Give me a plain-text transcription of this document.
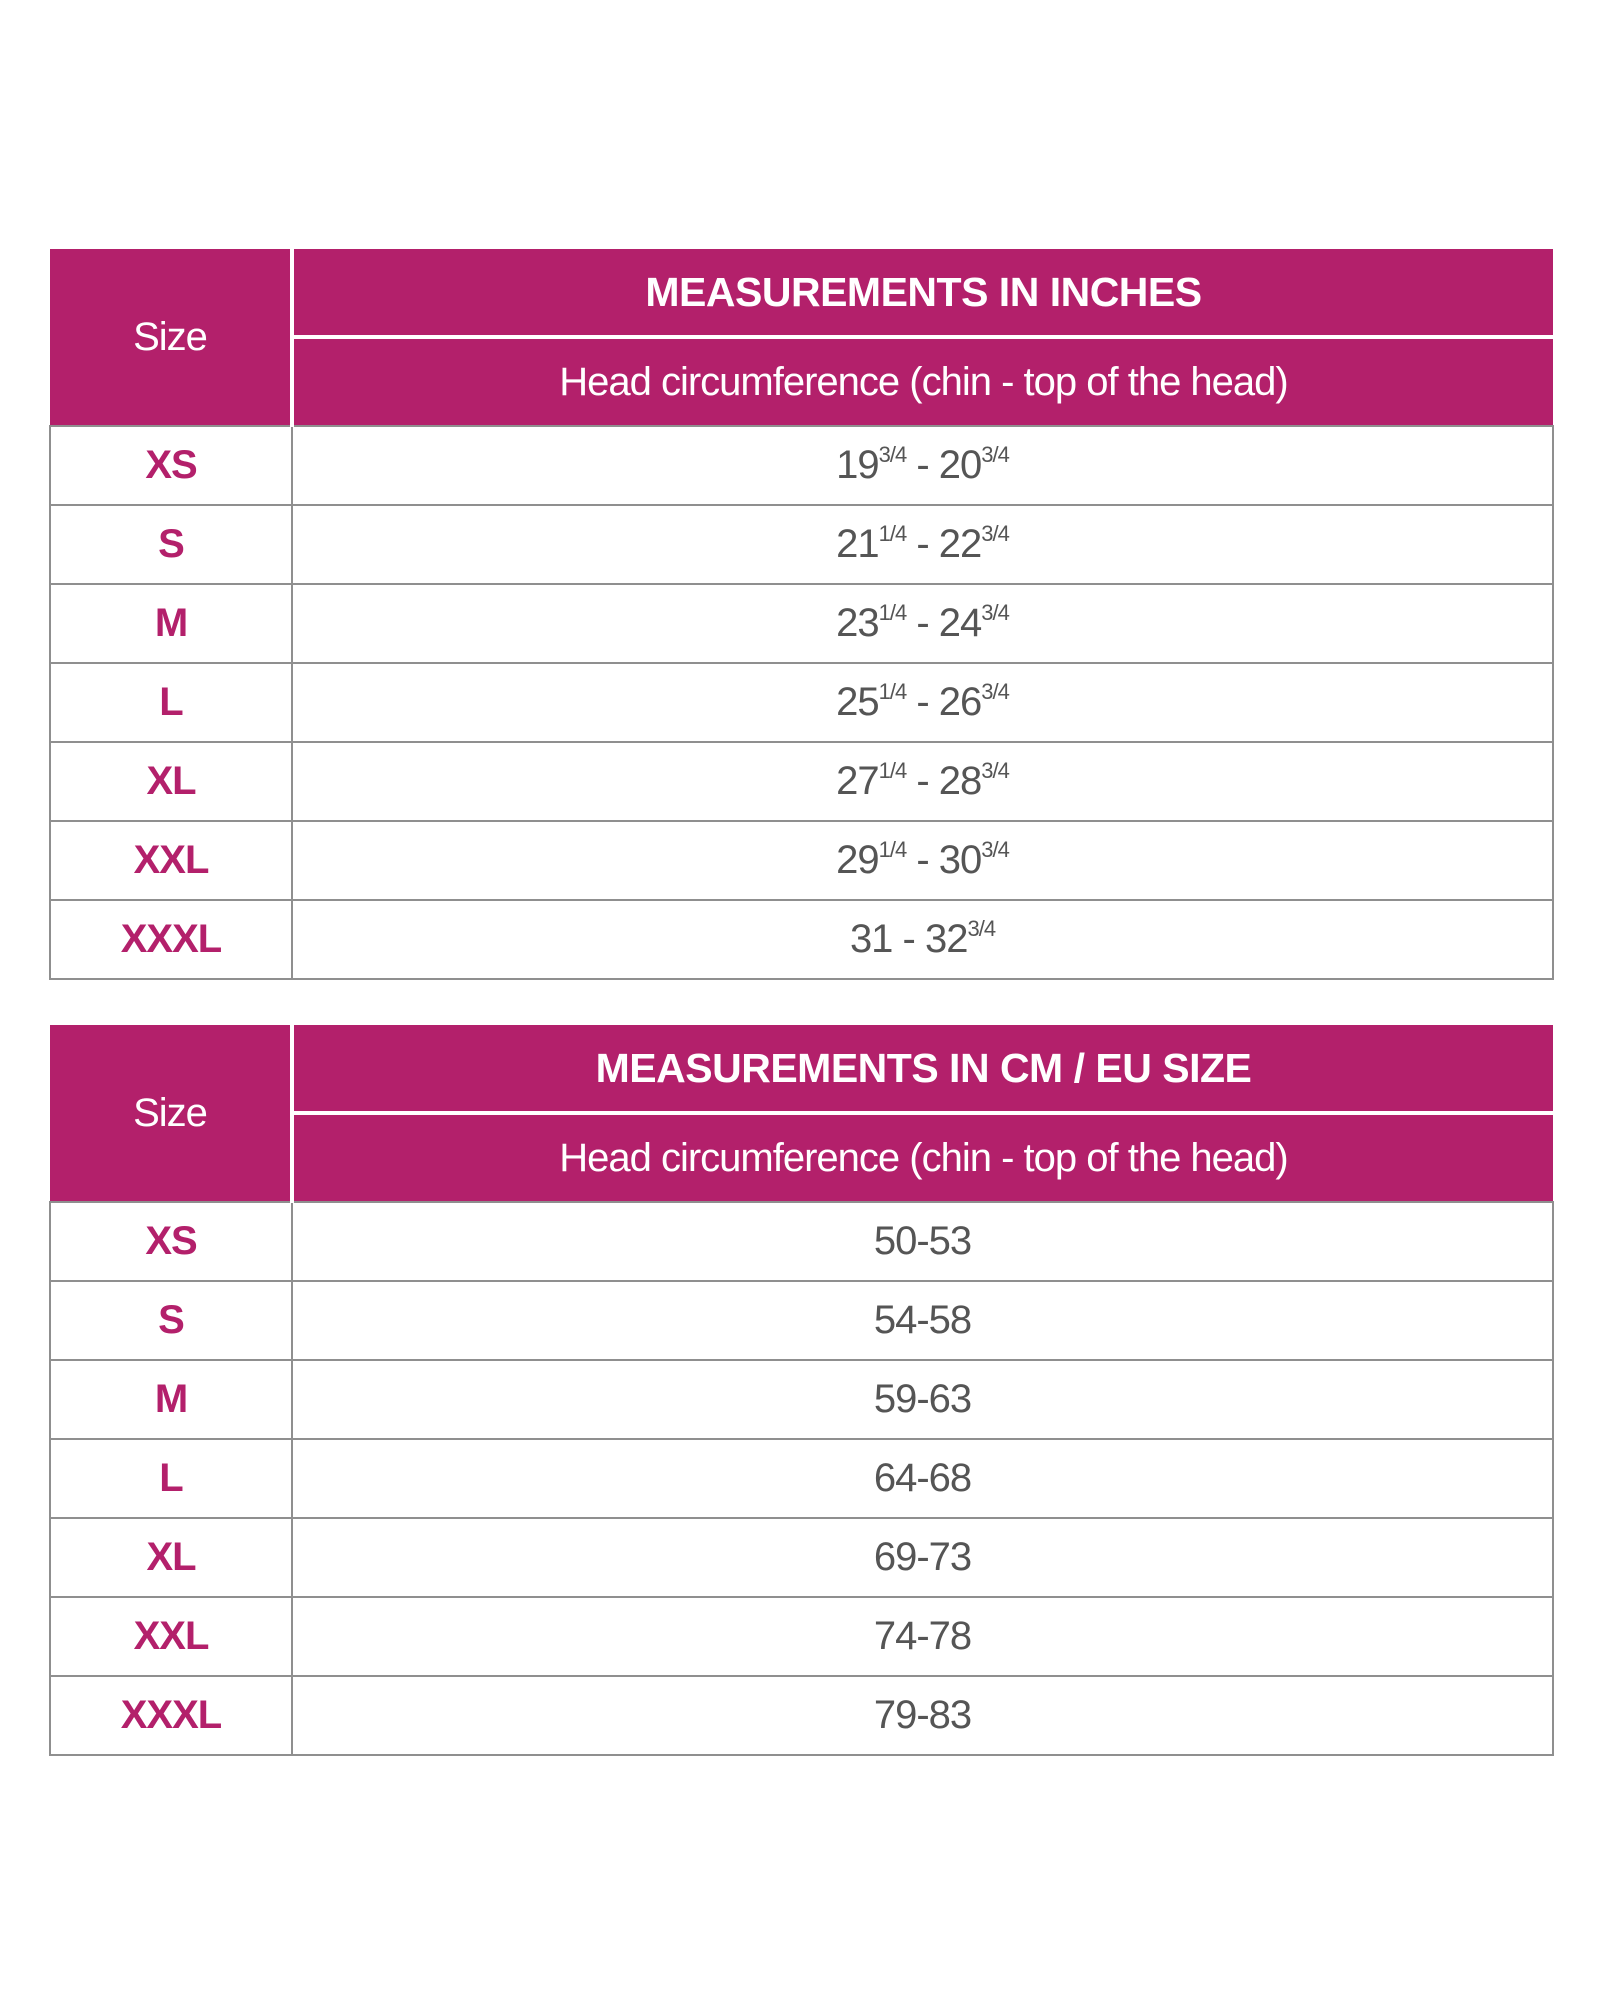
Size	MEASUREMENTS IN INCHES
	Head circumference (chin - top of the head)
XS	$19^{3/4} - 20^{3/4}$
S	$21^{1/4} - 22^{3/4}$
M	$23^{1/4} - 24^{3/4}$
L	$25^{1/4} - 26^{3/4}$
XL	$27^{1/4} - 28^{3/4}$
XXL	$29^{1/4} - 30^{3/4}$
XXXL	$31 - 32^{3/4}$
Size	MEASUREMENTS IN CM / EU SIZE
	Head circumference (chin - top of the head)
XS	50-53
S	54-58
M	59-63
L	64-68
XL	69-73
XXL	74-78
XXXL	79-83
